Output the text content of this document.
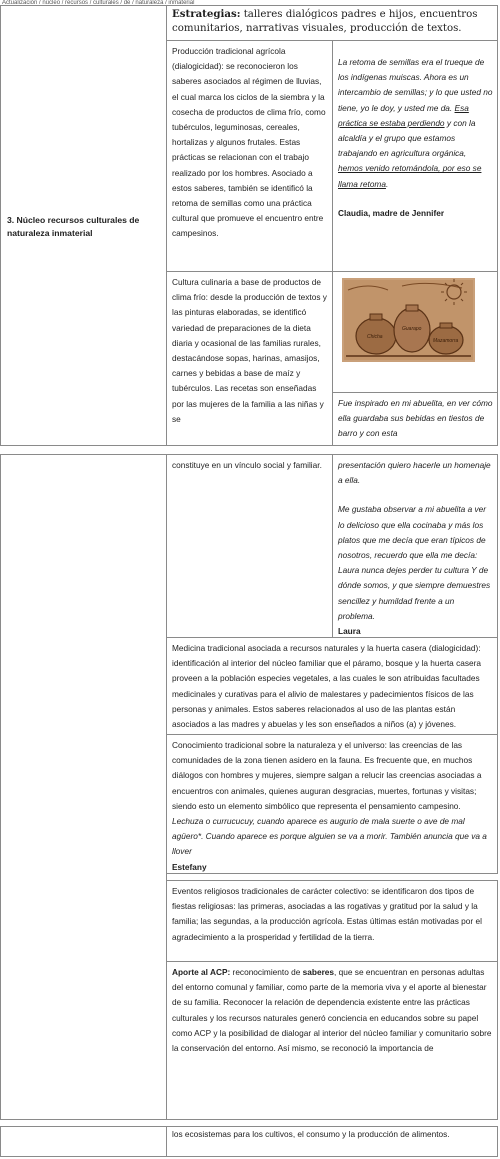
Actualización / núcleo / recursos / culturales / de / naturaleza / inmaterial
3. Núcleo recursos culturales de naturaleza inmaterial
Estrategias: talleres dialógicos padres e hijos, encuentros comunitarios, narrativas visuales, producción de textos.
Producción tradicional agrícola (dialogicidad): se reconocieron los saberes asociados al régimen de lluvias, el cual marca los ciclos de la siembra y la cosecha de productos de clima frío, como tubérculos, leguminosas, cereales, hortalizas y algunos frutales. Estas prácticas se relacionan con el trabajo realizado por los hombres. Asociado a estos saberes, también se identificó la retoma de semillas como una práctica cultural que promueve el encuentro entre campesinos.
La retoma de semillas era el trueque de los indígenas muiscas. Ahora es un intercambio de semillas; y lo que usted no tiene, yo le doy, y usted me da. Esa práctica se estaba perdiendo y con la alcaldía y el grupo que estamos trabajando en agricultura orgánica, hemos venido retomándola, por eso se llama retoma.
Claudia, madre de Jennifer
Cultura culinaria a base de productos de clima frío: desde la producción de textos y las pinturas elaboradas, se identificó variedad de preparaciones de la dieta diaria y ocasional de las familias rurales, destacándose sopas, harinas, amasijos, carnes y bebidas a base de maíz y tubérculos. Las recetas son enseñadas por las mujeres de la familia a las niñas y se
Chicha
Guarapo
Mazamorra
Fue inspirado en mi abuelita, en ver cómo ella guardaba sus bebidas en tiestos de barro y con esta
constituye en un vínculo social y familiar.	presentación quiero hacerle un homenaje a ella.
Me gustaba observar a mi abuelita a ver lo delicioso que ella cocinaba y más los platos que me decía que eran típicos de nosotros, recuerdo que ella me decía: Laura nunca dejes perder tu cultura Y de dónde somos, y que siempre demuestres sencillez y humildad frente a un problema.
Laura
Medicina tradicional asociada a recursos naturales y la huerta casera (dialogicidad): identificación al interior del núcleo familiar que el páramo, bosque y la huerta casera proveen a la población especies vegetales, a las cuales le son atribuidas facultades medicinales y curativas para el alivio de malestares y padecimientos físicos de las personas y animales. Estos saberes relacionados al uso de las plantas están asociados a las madres y abuelas y les son enseñados a niños (a) y jóvenes.
Conocimiento tradicional sobre la naturaleza y el universo: las creencias de las comunidades de la zona tienen asidero en la fauna. Es frecuente que, en muchos diálogos con hombres y mujeres, siempre salgan a relucir las creencias asociadas a encuentros con animales, quienes auguran desgracias, muertes, fortunas y visitas; siendo esto un elemento simbólico que representa el pensamiento campesino.
Lechuza o currucucuy, cuando aparece es augurio de mala suerte o ave de mal agüero*. Cuando aparece es porque alguien se va a morir. También anuncia que va a llover
Estefany
Eventos religiosos tradicionales de carácter colectivo: se identificaron dos tipos de fiestas religiosas: las primeras, asociadas a las rogativas y gratitud por la salud y la familia; las segundas, a la producción agrícola. Estas últimas están motivadas por el agradecimiento a la prosperidad y fertilidad de la tierra.
Aporte al ACP: reconocimiento de saberes, que se encuentran en personas adultas del entorno comunal y familiar, como parte de la memoria viva y el aporte al bienestar de su familia. Reconocer la relación de dependencia existente entre las prácticas culturales y los recursos naturales generó conciencia en educandos sobre su papel como ACP y la posibilidad de dialogar al interior del núcleo familiar y comunitario sobre la conservación del entorno. Así mismo, se reconoció la importancia de
los ecosistemas para los cultivos, el consumo y la producción de alimentos.
